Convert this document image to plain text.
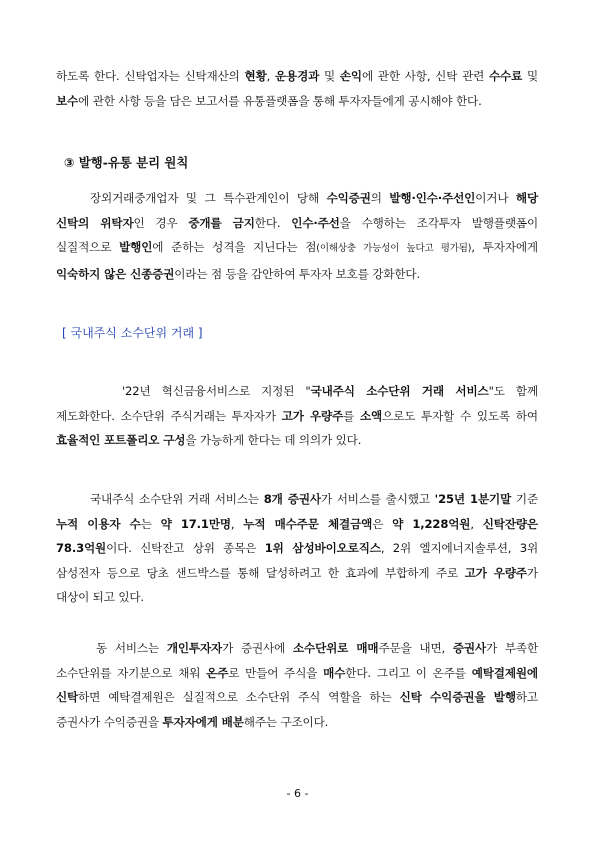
하도록 한다. 신탁업자는 신탁재산의 현황, 운용경과 및 손익에 관한 사항, 신탁 관련 수수료 및 보수에 관한 사항 등을 담은 보고서를 유통플랫폼을 통해 투자자들에게 공시해야 한다.
③ 발행-유통 분리 원칙
장외거래중개업자 및 그 특수관계인이 당해 수익증권의 발행·인수·주선인이거나 해당 신탁의 위탁자인 경우 중개를 금지한다. 인수·주선을 수행하는 조각투자 발행플랫폼이 실질적으로 발행인에 준하는 성격을 지닌다는 점(이해상충 가능성이 높다고 평가됨), 투자자에게 익숙하지 않은 신종증권이라는 점 등을 감안하여 투자자 보호를 강화한다.
[ 국내주식 소수단위 거래 ]
'22년 혁신금융서비스로 지정된 "국내주식 소수단위 거래 서비스"도 함께 제도화한다. 소수단위 주식거래는 투자자가 고가 우량주를 소액으로도 투자할 수 있도록 하여 효율적인 포트폴리오 구성을 가능하게 한다는 데 의의가 있다.
국내주식 소수단위 거래 서비스는 8개 증권사가 서비스를 출시했고 '25년 1분기말 기준 누적 이용자 수는 약 17.1만명, 누적 매수주문 체결금액은 약 1,228억원, 신탁잔량은 78.3억원이다. 신탁잔고 상위 종목은 1위 삼성바이오로직스, 2위 엘지에너지솔루션, 3위 삼성전자 등으로 당초 샌드박스를 통해 달성하려고 한 효과에 부합하게 주로 고가 우량주가 대상이 되고 있다.
동 서비스는 개인투자자가 증권사에 소수단위로 매매주문을 내면, 증권사가 부족한 소수단위를 자기분으로 채워 온주로 만들어 주식을 매수한다. 그리고 이 온주를 예탁결제원에 신탁하면 예탁결제원은 실질적으로 소수단위 주식 역할을 하는 신탁 수익증권을 발행하고 증권사가 수익증권을 투자자에게 배분해주는 구조이다.
- 6 -
